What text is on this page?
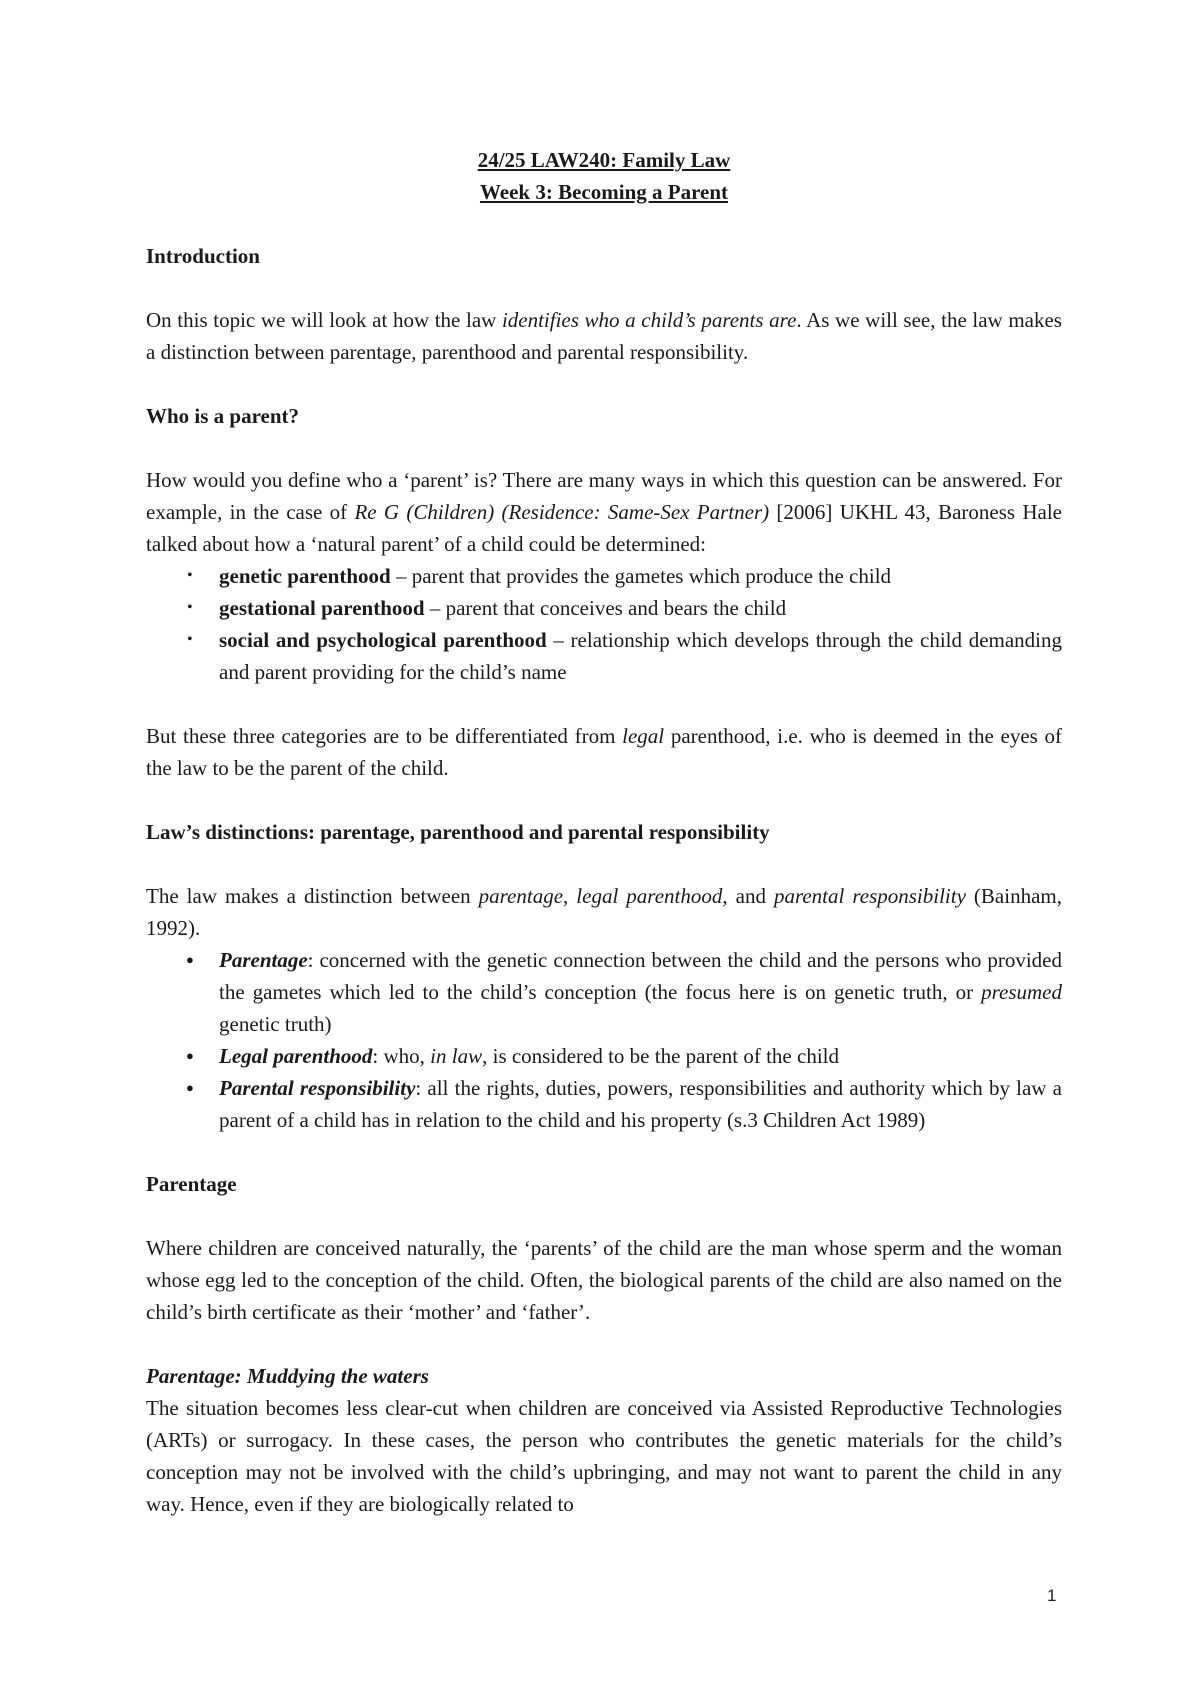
24/25 LAW240: Family Law

Week 3: Becoming a Parent

Introduction

On this topic we will look at how the law identifies who a child’s parents are. As we will see, the law makes a distinction between parentage, parenthood and parental responsibility.

Who is a parent?

How would you define who a ‘parent’ is? There are many ways in which this question can be answered. For example, in the case of Re G (Children) (Residence: Same-Sex Partner) [2006] UKHL 43, Baroness Hale talked about how a ‘natural parent’ of a child could be determined:

• genetic parenthood – parent that provides the gametes which produce the child
• gestational parenthood – parent that conceives and bears the child
• social and psychological parenthood – relationship which develops through the child demanding and parent providing for the child’s name

But these three categories are to be differentiated from legal parenthood, i.e. who is deemed in the eyes of the law to be the parent of the child.

Law’s distinctions: parentage, parenthood and parental responsibility

The law makes a distinction between parentage, legal parenthood, and parental responsibility (Bainham, 1992).

● Parentage: concerned with the genetic connection between the child and the persons who provided the gametes which led to the child’s conception (the focus here is on genetic truth, or presumed genetic truth)
● Legal parenthood: who, in law, is considered to be the parent of the child
● Parental responsibility: all the rights, duties, powers, responsibilities and authority which by law a parent of a child has in relation to the child and his property (s.3 Children Act 1989)
Parentage

Where children are conceived naturally, the ‘parents’ of the child are the man whose sperm and the woman whose egg led to the conception of the child. Often, the biological parents of the child are also named on the child’s birth certificate as their ‘mother’ and ‘father’.

Parentage: Muddying the waters

The situation becomes less clear-cut when children are conceived via Assisted Reproductive Technologies (ARTs) or surrogacy. In these cases, the person who contributes the genetic materials for the child’s conception may not be involved with the child’s upbringing, and may not want to parent the child in any way. Hence, even if they are biologically related to

1
